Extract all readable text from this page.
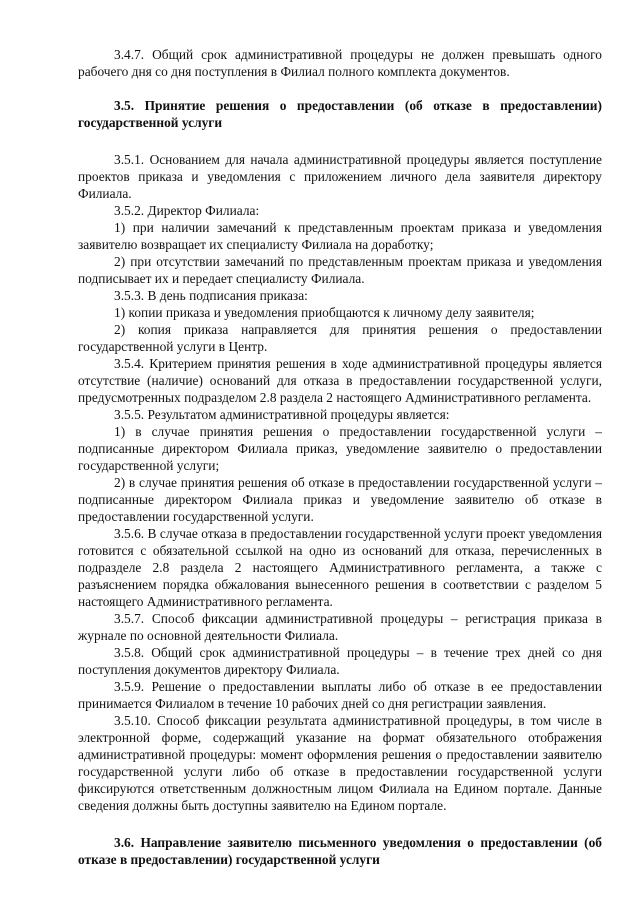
3.4.7. Общий срок административной процедуры не должен превышать одного рабочего дня со дня поступления в Филиал полного комплекта документов.

3.5. Принятие решения о предоставлении (об отказе в предоставлении) государственной услуги

3.5.1. Основанием для начала административной процедуры является поступление проектов приказа и уведомления с приложением личного дела заявителя директору Филиала.

3.5.2. Директор Филиала:

1) при наличии замечаний к представленным проектам приказа и уведомления заявителю возвращает их специалисту Филиала на доработку;

2) при отсутствии замечаний по представленным проектам приказа и уведомления подписывает их и передает специалисту Филиала.

3.5.3. В день подписания приказа:

1) копии приказа и уведомления приобщаются к личному делу заявителя;

2) копия приказа направляется для принятия решения о предоставлении государственной услуги в Центр.

3.5.4. Критерием принятия решения в ходе административной процедуры является отсутствие (наличие) оснований для отказа в предоставлении государственной услуги, предусмотренных подразделом 2.8 раздела 2 настоящего Административного регламента.

3.5.5. Результатом административной процедуры является:

1) в случае принятия решения о предоставлении государственной услуги – подписанные директором Филиала приказ, уведомление заявителю о предоставлении государственной услуги;

2) в случае принятия решения об отказе в предоставлении государственной услуги – подписанные директором Филиала приказ и уведомление заявителю об отказе в предоставлении государственной услуги.

3.5.6. В случае отказа в предоставлении государственной услуги проект уведомления готовится с обязательной ссылкой на одно из оснований для отказа, перечисленных в подразделе 2.8 раздела 2 настоящего Административного регламента, а также с разъяснением порядка обжалования вынесенного решения в соответствии с разделом 5 настоящего Административного регламента.

3.5.7. Способ фиксации административной процедуры – регистрация приказа в журнале по основной деятельности Филиала.

3.5.8. Общий срок административной процедуры – в течение трех дней со дня поступления документов директору Филиала.

3.5.9. Решение о предоставлении выплаты либо об отказе в ее предоставлении принимается Филиалом в течение 10 рабочих дней со дня регистрации заявления.

3.5.10. Способ фиксации результата административной процедуры, в том числе в электронной форме, содержащий указание на формат обязательного отображения административной процедуры: момент оформления решения о предоставлении заявителю государственной услуги либо об отказе в предоставлении государственной услуги фиксируются ответственным должностным лицом Филиала на Едином портале. Данные сведения должны быть доступны заявителю на Едином портале.

3.6. Направление заявителю письменного уведомления о предоставлении (об отказе в предоставлении) государственной услуги
